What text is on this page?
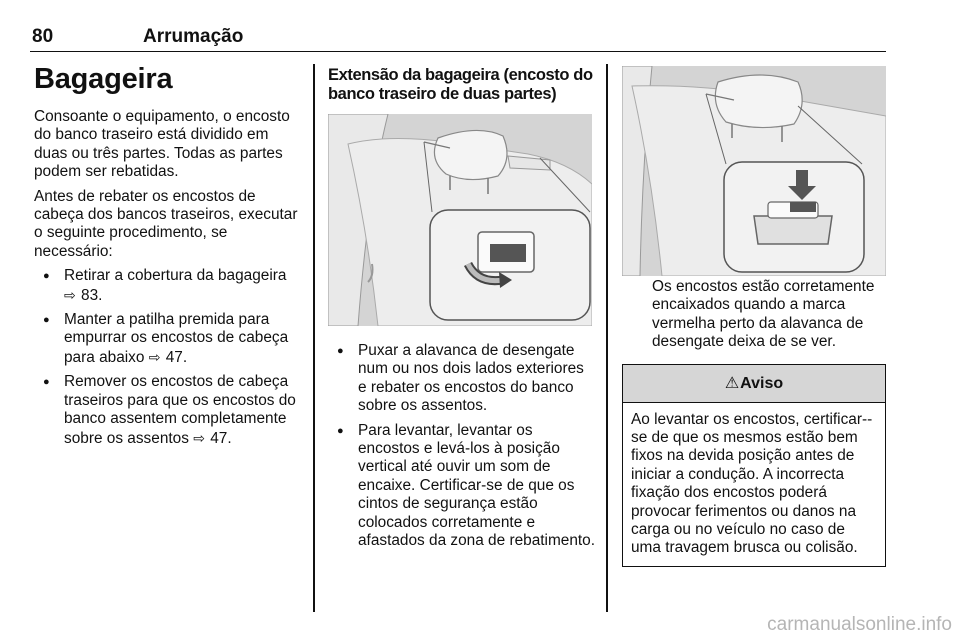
80	Arrumação
Bagageira

Consoante o equipamento, o encosto do banco traseiro está dividido em duas ou três partes. Todas as partes podem ser rebatidas.

Antes de rebater os encostos de cabeça dos bancos traseiros, executar o seguinte procedimento, se necessário:

● Retirar a cobertura da bagageira ⇨ 83.
● Manter a patilha premida para empurrar os encostos de cabeça para abaixo ⇨ 47.
● Remover os encostos de cabeça traseiros para que os encostos do banco assentem completamente sobre os assentos ⇨ 47.
Extensão da bagageira (encosto do banco traseiro de duas partes)
● Puxar a alavanca de desengate num ou nos dois lados exteriores e rebater os encostos do banco sobre os assentos.
● Para levantar, levantar os encostos e levá-los à posição vertical até ouvir um som de encaixe. Certificar-se de que os cintos de segurança estão colocados corretamente e afastados da zona de rebatimento.

Os encostos estão corretamente encaixados quando a marca vermelha perto da alavanca de desengate deixa de se ver.

⚠Aviso
Ao levantar os encostos, certificar--se de que os mesmos estão bem fixos na devida posição antes de iniciar a condução. A incorrecta fixação dos encostos poderá provocar ferimentos ou danos na carga ou no veículo no caso de uma travagem brusca ou colisão.
carmanualsonline.info
